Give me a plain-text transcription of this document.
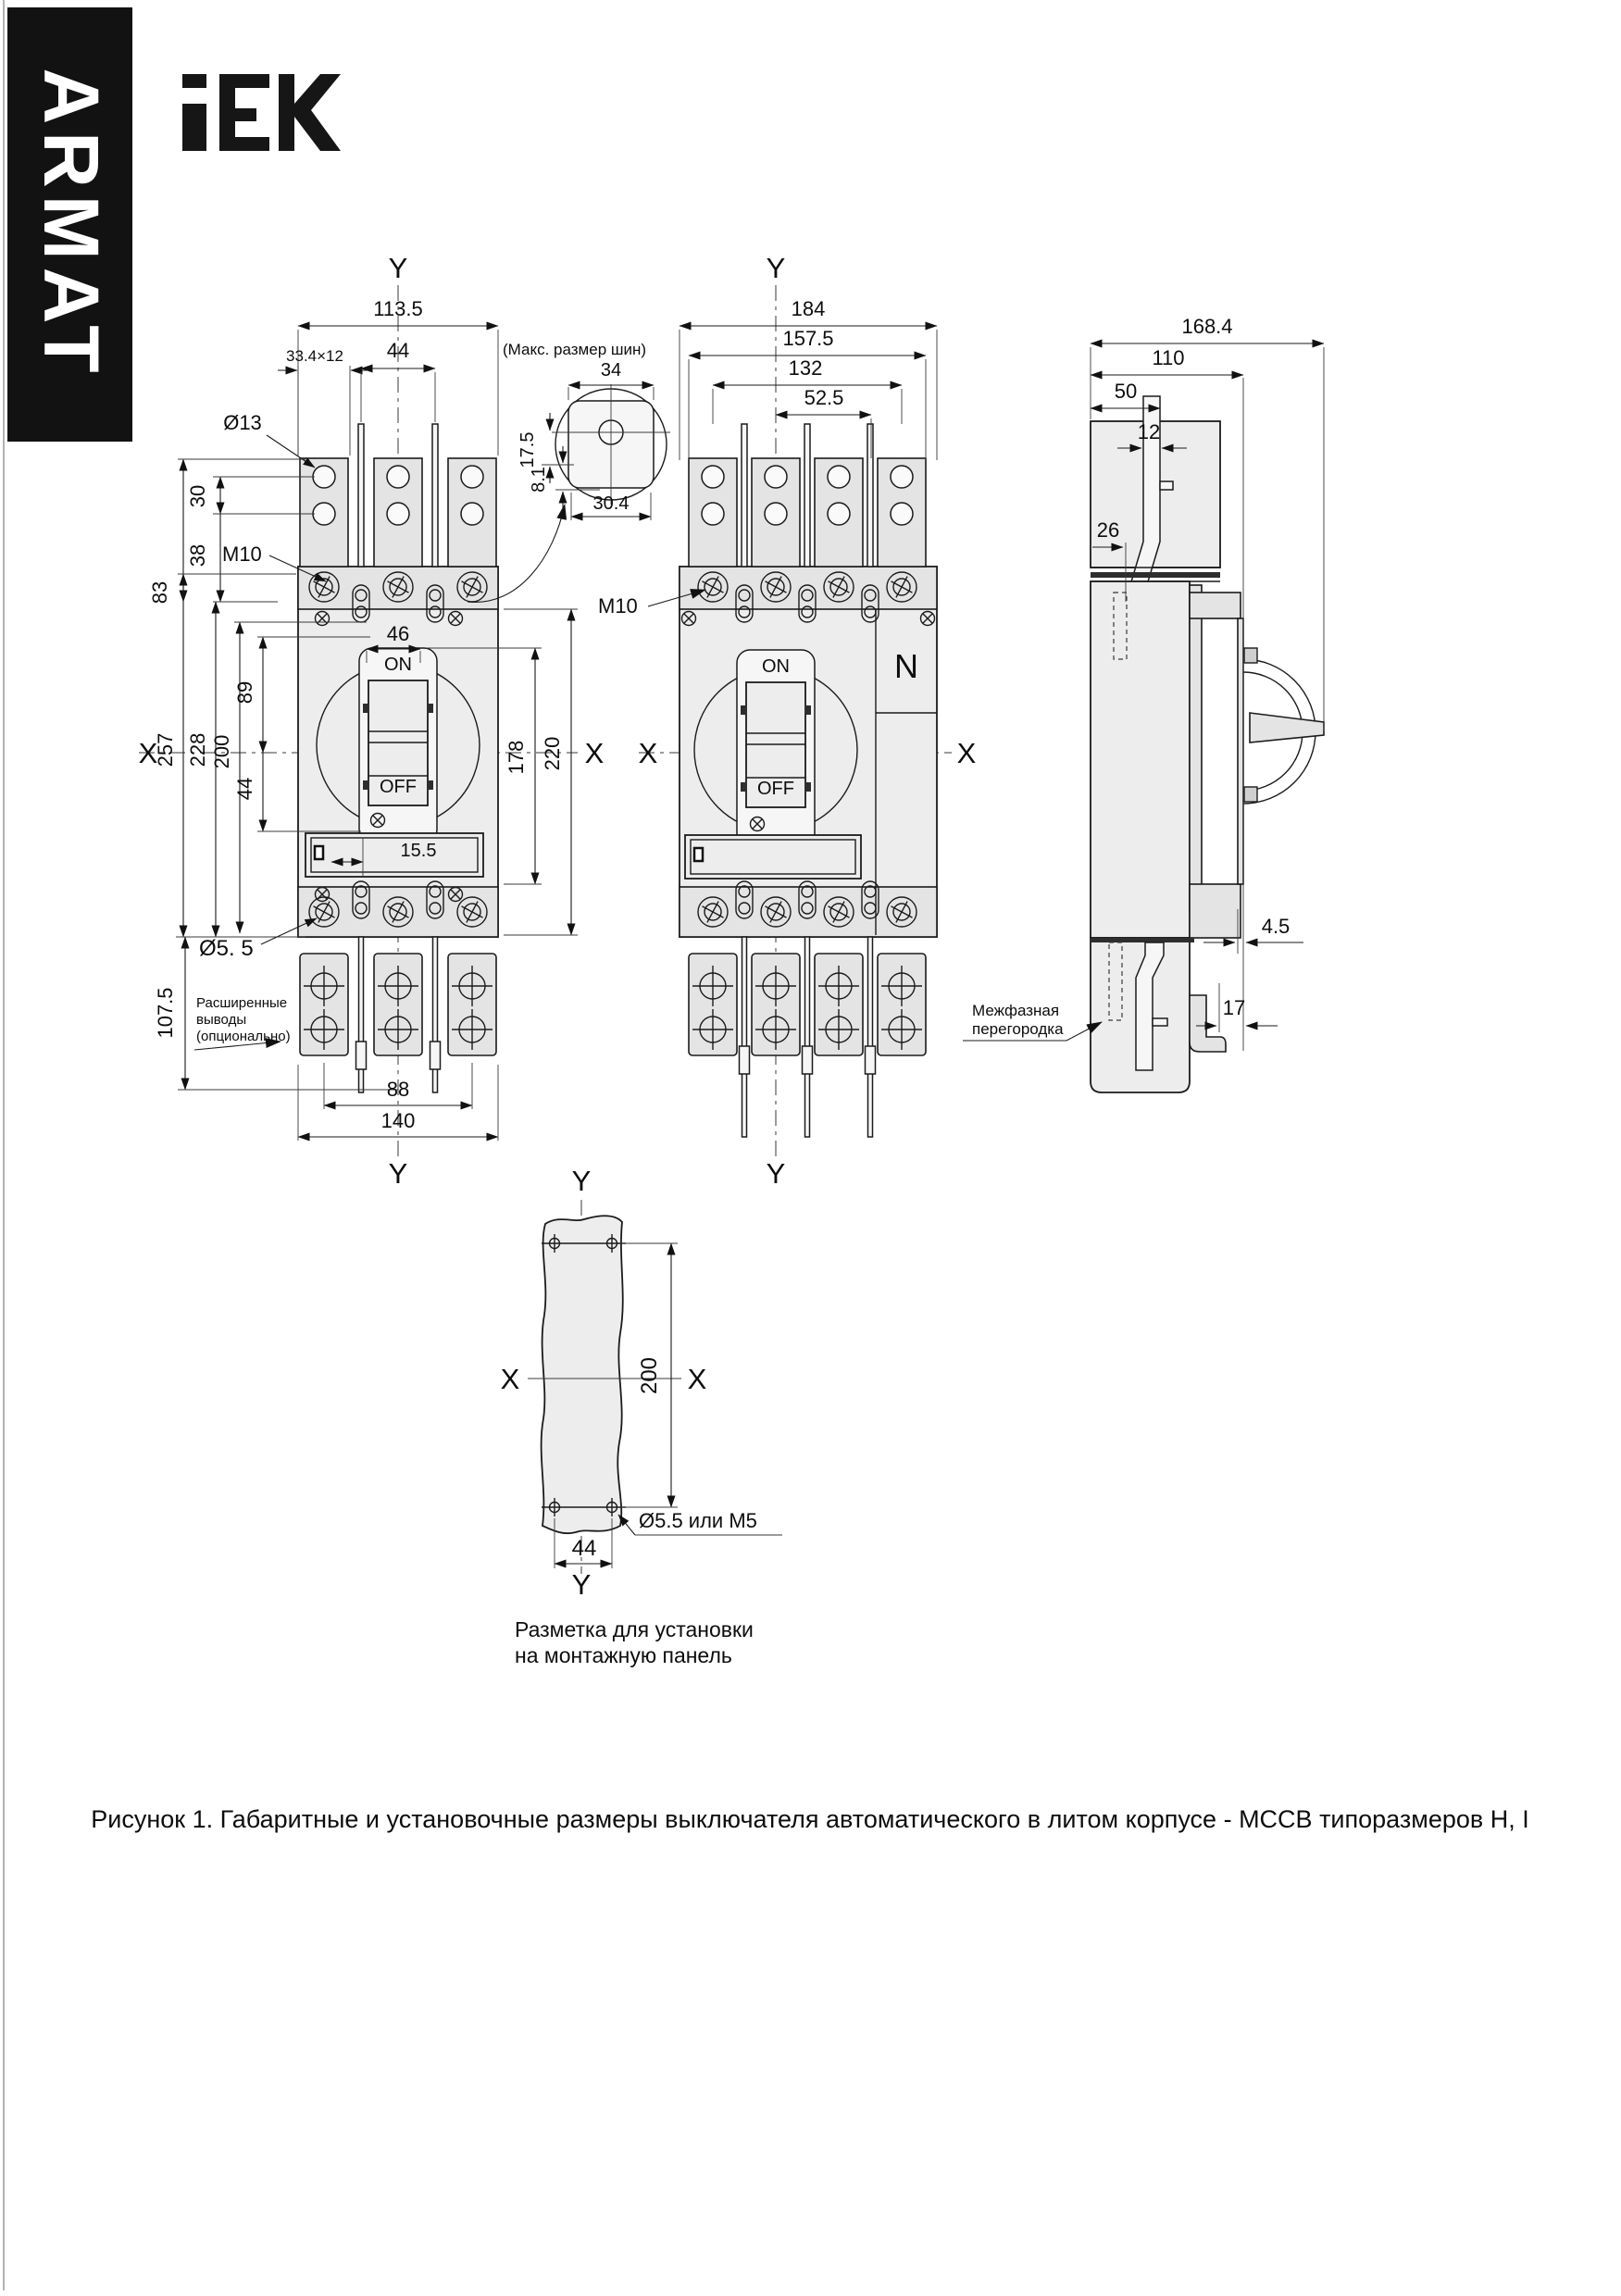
ARMAT	Y
113.5
33.4×12 44
Ø13
83
30
38 M10
257 228 200
89
44
X	X
46
ON
OFF
15.5
178 220
Ø5. 5
107.5 Расширенные
выводы
(опционально)
88
140
Y
(Макс. размер шин)
34
17.5
8.1
30.4
N
Y
184
157.5
132
52.5
M10
ON
OFF
X	X
Y
168.4
110
50
12
26
4.5
17
Межфазная
перегородка
Y
X	X
200
Ø5.5 или М5
44
Y
Разметка для установки
на монтажную панель
Рисунок 1. Габаритные и установочные размеры выключателя автоматического в литом корпусе - МССВ типоразмеров Н, I
